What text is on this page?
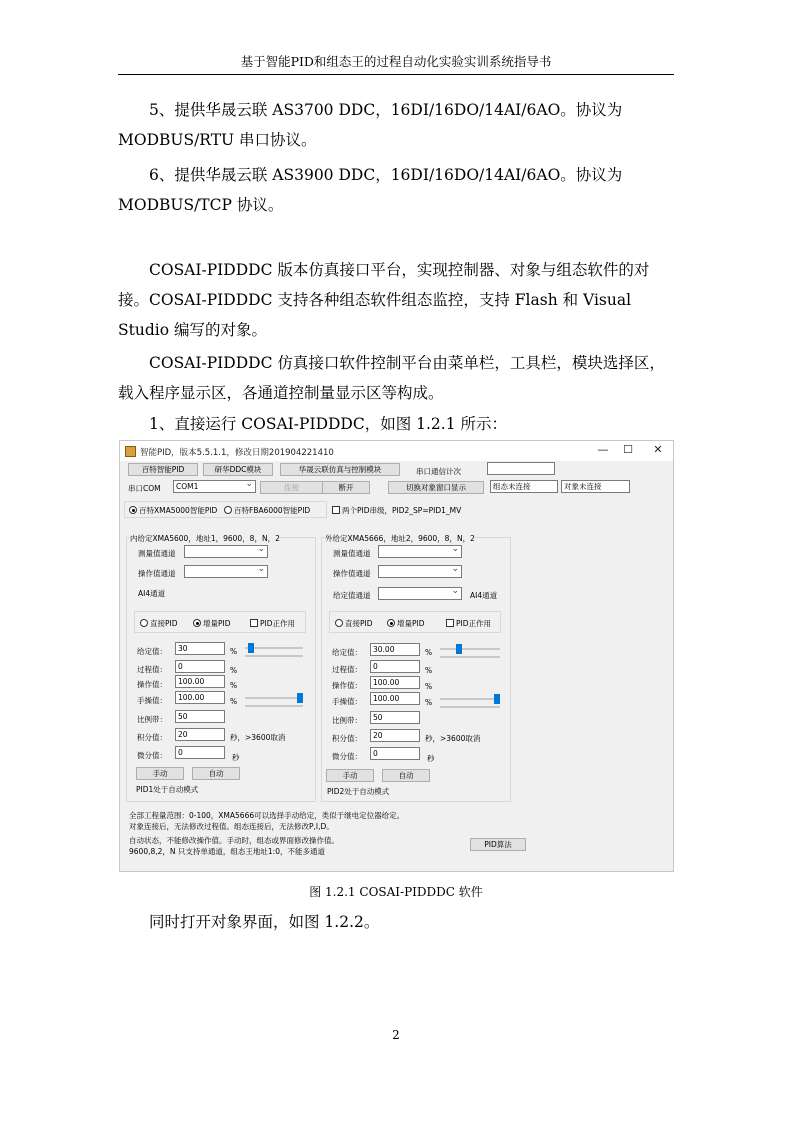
基于智能PID和组态王的过程自动化实验实训系统指导书

　　5、提供华晟云联 AS3700 DDC，16DI/16DO/14AI/6AO。协议为 MODBUS/RTU 串口协议。

　　6、提供华晟云联 AS3900 DDC，16DI/16DO/14AI/6AO。协议为 MODBUS/TCP 协议。

　　COSAI-PIDDDC 版本仿真接口平台，实现控制器、对象与组态软件的对接。COSAI-PIDDDC 支持各种组态软件组态监控，支持 Flash 和 Visual Studio 编写的对象。

　　COSAI-PIDDDC 仿真接口软件控制平台由菜单栏，工具栏，模块选择区，载入程序显示区，各通道控制量显示区等构成。

　　1、直接运行 COSAI-PIDDDC，如图 1.2.1 所示：

智能PID，版本5.5.1.1，修改日期201904221410	— ☐	✕
百特智能PID	研华DDC模块	华晟云联仿真与控制模块	串口通信计次
串口COM	COM1 ⌄	连接	断开	切换对象窗口显示	组态未连接	对象未连接
百特XMA5000智能PID	百特FBA6000智能PID	两个PID串级，PID2_SP=PID1_MV
内给定XMA5600，地址1，9600，8，N，2
测量值通道
⌄
操作值通道
⌄
AI4通道
直接PID	增量PID	PID正作用
给定值：	30	%
过程值：	0	%
操作值：	100.00	%
手操值：	100.00	%
比例带：	50
积分值：	20	秒，>3600取消
微分值：	0
秒
手动	自动
PID1处于自动模式
外给定XMA5666，地址2，9600，8，N，2
测量值通道
⌄
操作值通道
⌄
给定值通道 ⌄	AI4通道
直接PID	增量PID	PID正作用
给定值：	30.00	%
过程值：	0	%
操作值：	100.00	%
手操值：	100.00	%
比例带：	50
积分值：	20	秒，>3600取消
微分值：	0
秒
手动	自动
PID2处于自动模式
全部工程量范围：0-100，XMA5666可以选择手动给定，类似于继电定位器给定。
对象连接后，无法修改过程值。组态连接后，无法修改P,I,D。
自动状态，不能修改操作值。手动时，组态或界面修改操作值。
9600,8,2，N 只支持单通道，组态王地址1:0，不能多通道
PID算法
图 1.2.1 COSAI-PIDDDC 软件

　　同时打开对象界面，如图 1.2.2。

2
